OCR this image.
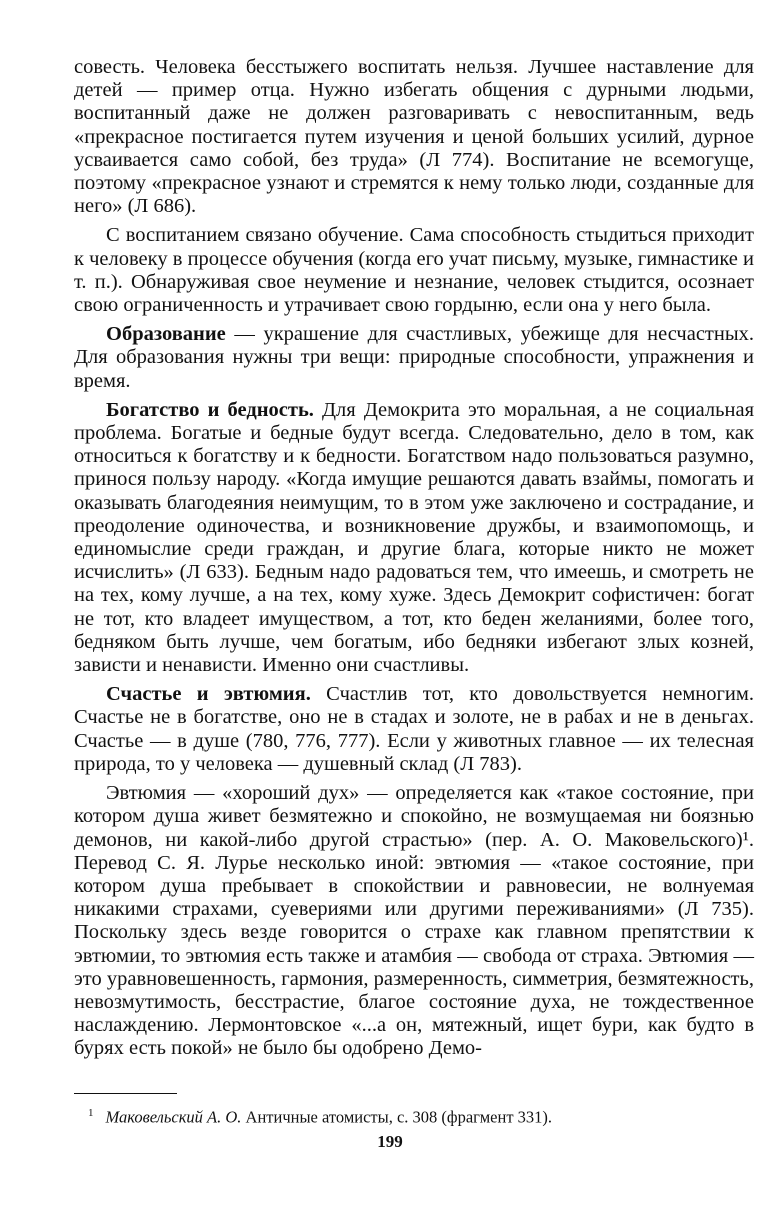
совесть. Человека бесстыжего воспитать нельзя. Лучшее наставление для детей — пример отца. Нужно избегать общения с дурными людьми, воспитанный даже не должен разговаривать с невоспитанным, ведь «прекрасное постигается путем изучения и ценой больших усилий, дурное усваивается само собой, без труда» (Л 774). Воспитание не всемогуще, поэтому «прекрасное узнают и стремятся к нему только люди, созданные для него» (Л 686).

С воспитанием связано обучение. Сама способность стыдиться приходит к человеку в процессе обучения (когда его учат письму, музыке, гимнастике и т. п.). Обнаруживая свое неумение и незнание, человек стыдится, осознает свою ограниченность и утрачивает свою гордыню, если она у него была.

Образование — украшение для счастливых, убежище для несчастных. Для образования нужны три вещи: природные способности, упражнения и время.

Богатство и бедность. Для Демокрита это моральная, а не социальная проблема. Богатые и бедные будут всегда. Следовательно, дело в том, как относиться к богатству и к бедности. Богатством надо пользоваться разумно, принося пользу народу. «Когда имущие решаются давать взаймы, помогать и оказывать благодеяния неимущим, то в этом уже заключено и сострадание, и преодоление одиночества, и возникновение дружбы, и взаимопомощь, и единомыслие среди граждан, и другие блага, которые никто не может исчислить» (Л 633). Бедным надо радоваться тем, что имеешь, и смотреть не на тех, кому лучше, а на тех, кому хуже. Здесь Демокрит софистичен: богат не тот, кто владеет имуществом, а тот, кто беден желаниями, более того, бедняком быть лучше, чем богатым, ибо бедняки избегают злых козней, зависти и ненависти. Именно они счастливы.

Счастье и эвтюмия. Счастлив тот, кто довольствуется немногим. Счастье не в богатстве, оно не в стадах и золоте, не в рабах и не в деньгах. Счастье — в душе (780, 776, 777). Если у животных главное — их телесная природа, то у человека — душевный склад (Л 783).

Эвтюмия — «хороший дух» — определяется как «такое состояние, при котором душа живет безмятежно и спокойно, не возмущаемая ни боязнью демонов, ни какой-либо другой страстью» (пер. А. О. Маковельского)¹. Перевод С. Я. Лурье несколько иной: эвтюмия — «такое состояние, при котором душа пребывает в спокойствии и равновесии, не волнуемая никакими страхами, суевериями или другими переживаниями» (Л 735). Поскольку здесь везде говорится о страхе как главном препятствии к эвтюмии, то эвтюмия есть также и атамбия — свобода от страха. Эвтюмия — это уравновешенность, гармония, размеренность, симметрия, безмятежность, невозмутимость, бесстрастие, благое состояние духа, не тождественное наслаждению. Лермонтовское «...а он, мятежный, ищет бури, как будто в бурях есть покой» не было бы одобрено Демо-

$^1$ Маковельский А. О. Античные атомисты, с. 308 (фрагмент 331).
199
